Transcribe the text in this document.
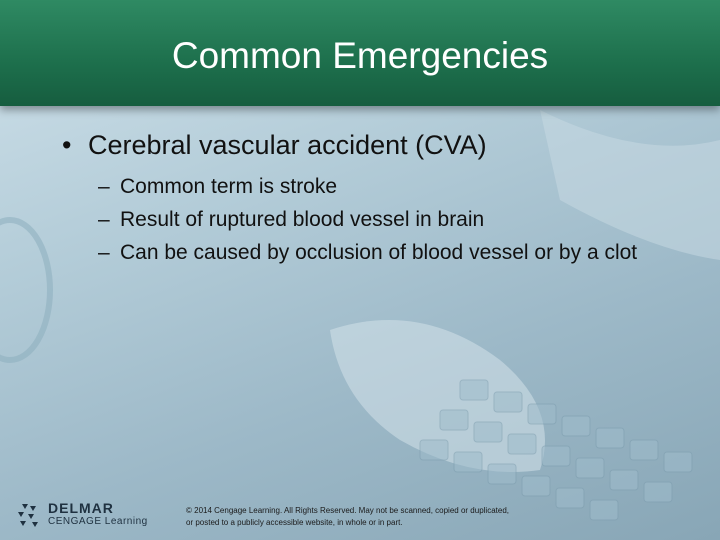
Common Emergencies
• Cerebral vascular accident (CVA)
– Common term is stroke
– Result of ruptured blood vessel in brain
– Can be caused by occlusion of blood vessel or by a clot
DELMAR
CENGAGE Learning
© 2014 Cengage Learning. All Rights Reserved. May not be scanned, copied or duplicated, or posted to a publicly accessible website, in whole or in part.
